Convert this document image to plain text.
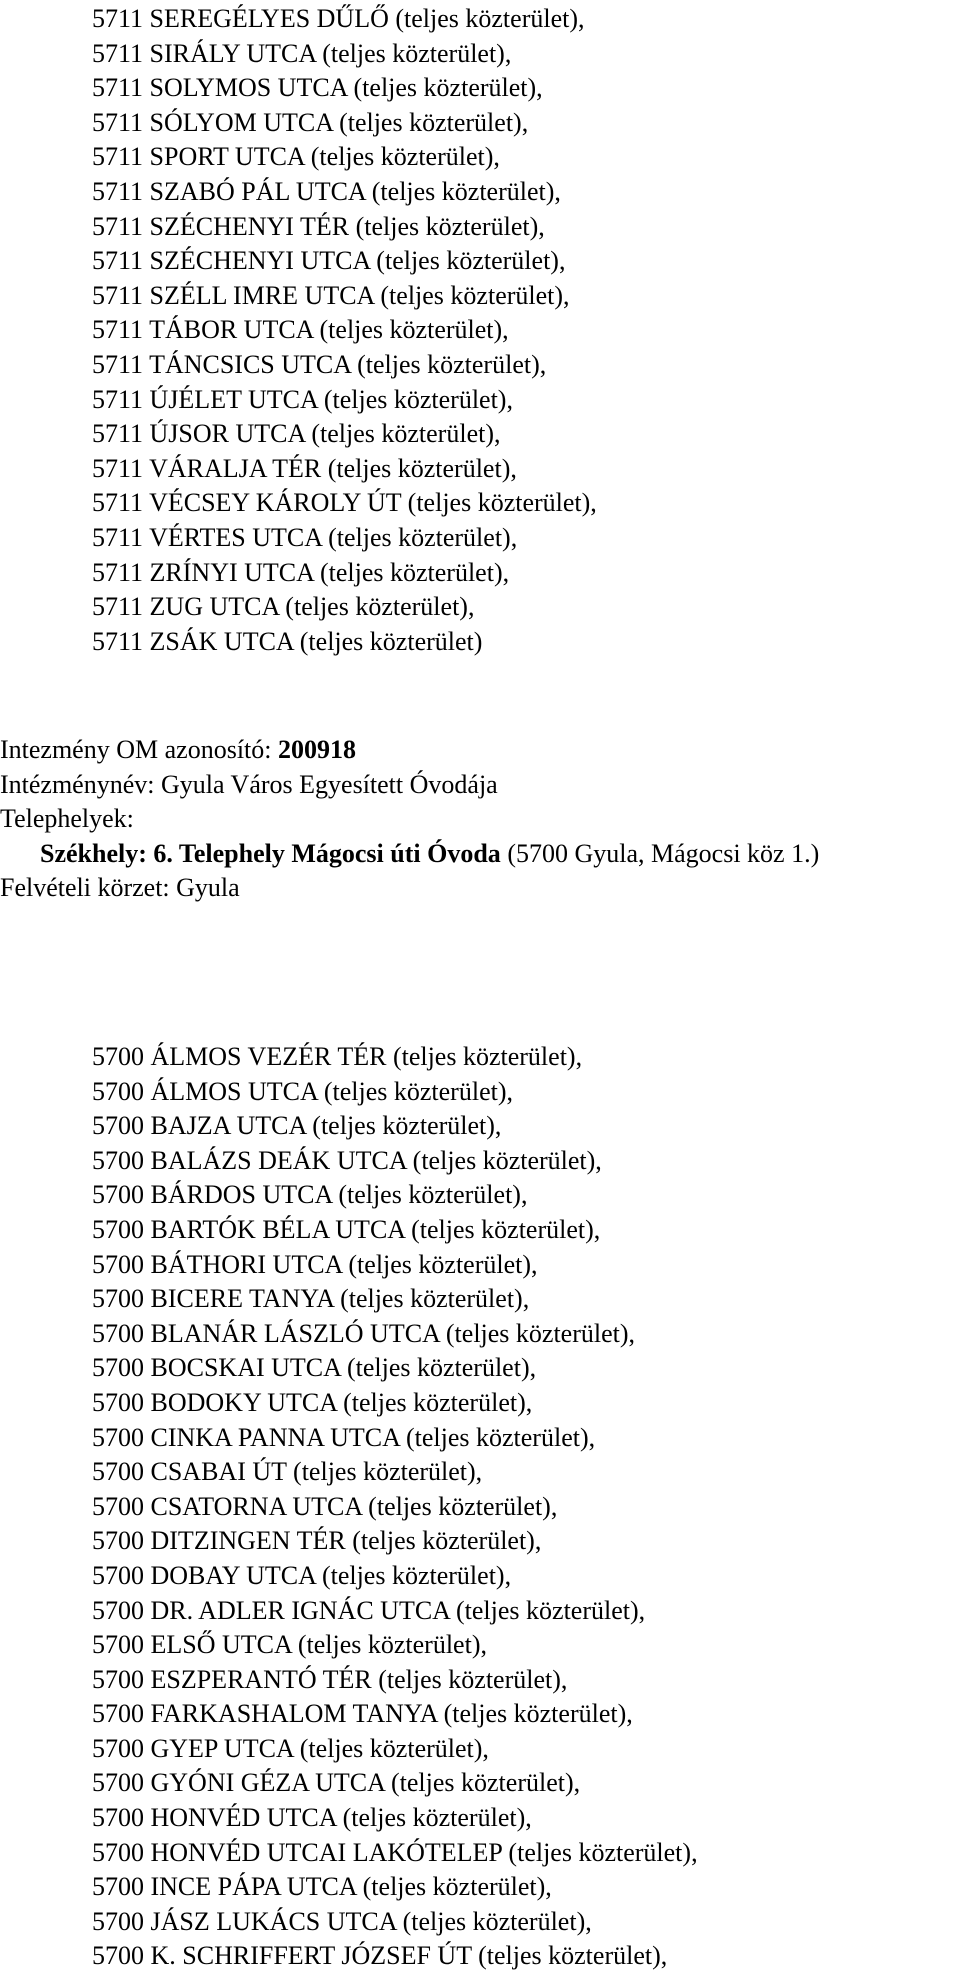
5711 SEREGÉLYES DŰLŐ (teljes közterület),
5711 SIRÁLY UTCA (teljes közterület),
5711 SOLYMOS UTCA (teljes közterület),
5711 SÓLYOM UTCA (teljes közterület),
5711 SPORT UTCA (teljes közterület),
5711 SZABÓ PÁL UTCA (teljes közterület),
5711 SZÉCHENYI TÉR (teljes közterület),
5711 SZÉCHENYI UTCA (teljes közterület),
5711 SZÉLL IMRE UTCA (teljes közterület),
5711 TÁBOR UTCA (teljes közterület),
5711 TÁNCSICS UTCA (teljes közterület),
5711 ÚJÉLET UTCA (teljes közterület),
5711 ÚJSOR UTCA (teljes közterület),
5711 VÁRALJA TÉR (teljes közterület),
5711 VÉCSEY KÁROLY ÚT (teljes közterület),
5711 VÉRTES UTCA (teljes közterület),
5711 ZRÍNYI UTCA (teljes közterület),
5711 ZUG UTCA (teljes közterület),
5711 ZSÁK UTCA (teljes közterület)
Intezmény OM azonosító: 200918
Intézménynév: Gyula Város Egyesített Óvodája
Telephelyek:
Székhely: 6. Telephely Mágocsi úti Óvoda (5700 Gyula, Mágocsi köz 1.)
Felvételi körzet: Gyula
5700 ÁLMOS VEZÉR TÉR (teljes közterület),
5700 ÁLMOS UTCA (teljes közterület),
5700 BAJZA UTCA (teljes közterület),
5700 BALÁZS DEÁK UTCA (teljes közterület),
5700 BÁRDOS UTCA (teljes közterület),
5700 BARTÓK BÉLA UTCA (teljes közterület),
5700 BÁTHORI UTCA (teljes közterület),
5700 BICERE TANYA (teljes közterület),
5700 BLANÁR LÁSZLÓ UTCA (teljes közterület),
5700 BOCSKAI UTCA (teljes közterület),
5700 BODOKY UTCA (teljes közterület),
5700 CINKA PANNA UTCA (teljes közterület),
5700 CSABAI ÚT (teljes közterület),
5700 CSATORNA UTCA (teljes közterület),
5700 DITZINGEN TÉR (teljes közterület),
5700 DOBAY UTCA (teljes közterület),
5700 DR. ADLER IGNÁC UTCA (teljes közterület),
5700 ELSŐ UTCA (teljes közterület),
5700 ESZPERANTÓ TÉR (teljes közterület),
5700 FARKASHALOM TANYA (teljes közterület),
5700 GYEP UTCA (teljes közterület),
5700 GYÓNI GÉZA UTCA (teljes közterület),
5700 HONVÉD UTCA (teljes közterület),
5700 HONVÉD UTCAI LAKÓTELEP (teljes közterület),
5700 INCE PÁPA UTCA (teljes közterület),
5700 JÁSZ LUKÁCS UTCA (teljes közterület),
5700 K. SCHRIFFERT JÓZSEF ÚT (teljes közterület),
